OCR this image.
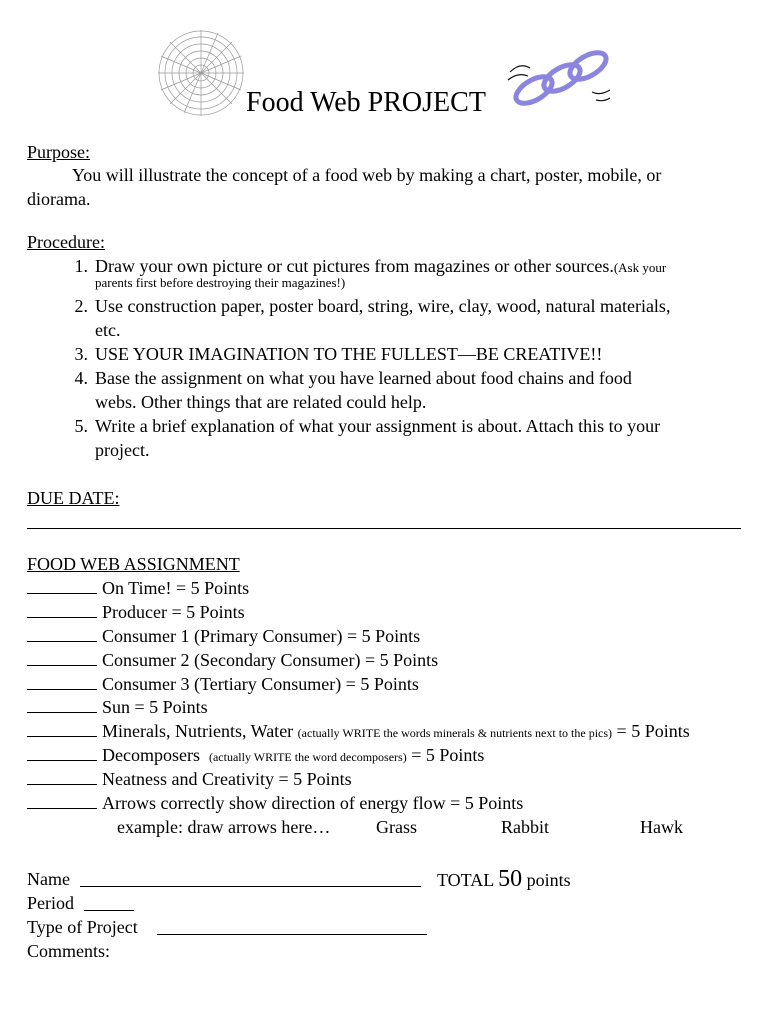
Food Web PROJECT
Purpose:
You will illustrate the concept of a food web by making a chart, poster, mobile, or
diorama.
Procedure:
1. Draw your own picture or cut pictures from magazines or other sources.(Ask your
parents first before destroying their magazines!)
2. Use construction paper, poster board, string, wire, clay, wood, natural materials,
etc.
3. USE YOUR IMAGINATION TO THE FULLEST—BE CREATIVE!!
4. Base the assignment on what you have learned about food chains and food
webs. Other things that are related could help.
5. Write a brief explanation of what your assignment is about. Attach this to your
project.
DUE DATE:
FOOD WEB ASSIGNMENT
On Time! = 5 Points
Producer = 5 Points
Consumer 1 (Primary Consumer) = 5 Points
Consumer 2 (Secondary Consumer) = 5 Points
Consumer 3 (Tertiary Consumer) = 5 Points
Sun = 5 Points
Minerals, Nutrients, Water (actually WRITE the words minerals & nutrients next to the pics) = 5 Points
Decomposers (actually WRITE the word decomposers) = 5 Points
Neatness and Creativity = 5 Points
Arrows correctly show direction of energy flow = 5 Points
example: draw arrows here…	Grass	Rabbit	Hawk
Name	TOTAL 50 points
Period
Type of Project
Comments:
